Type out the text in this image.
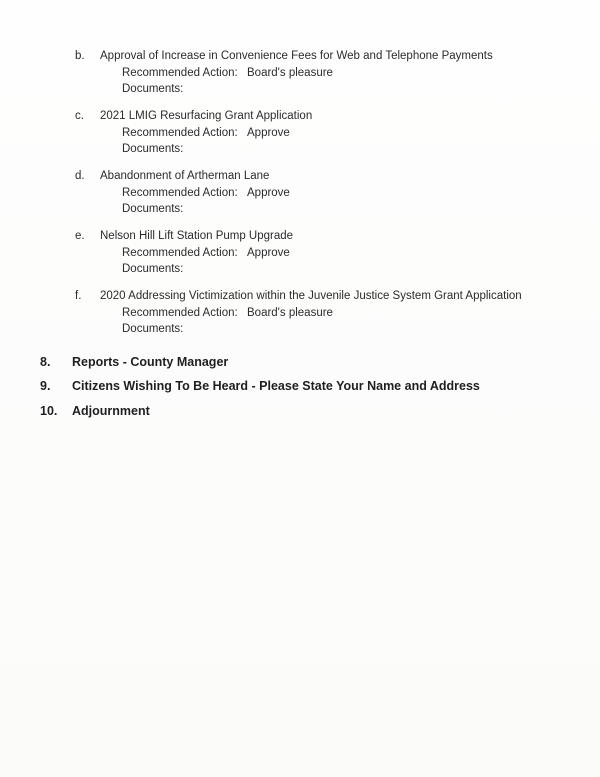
b.	Approval of Increase in Convenience Fees for Web and Telephone Payments
Recommended Action: Board's pleasure
Documents:
c.	2021 LMIG Resurfacing Grant Application
Recommended Action: Approve
Documents:
d.	Abandonment of Artherman Lane
Recommended Action: Approve
Documents:
e.	Nelson Hill Lift Station Pump Upgrade
Recommended Action: Approve
Documents:
f.	2020 Addressing Victimization within the Juvenile Justice System Grant Application
Recommended Action: Board's pleasure
Documents:
8.	Reports - County Manager
9.	Citizens Wishing To Be Heard - Please State Your Name and Address
10.	Adjournment
